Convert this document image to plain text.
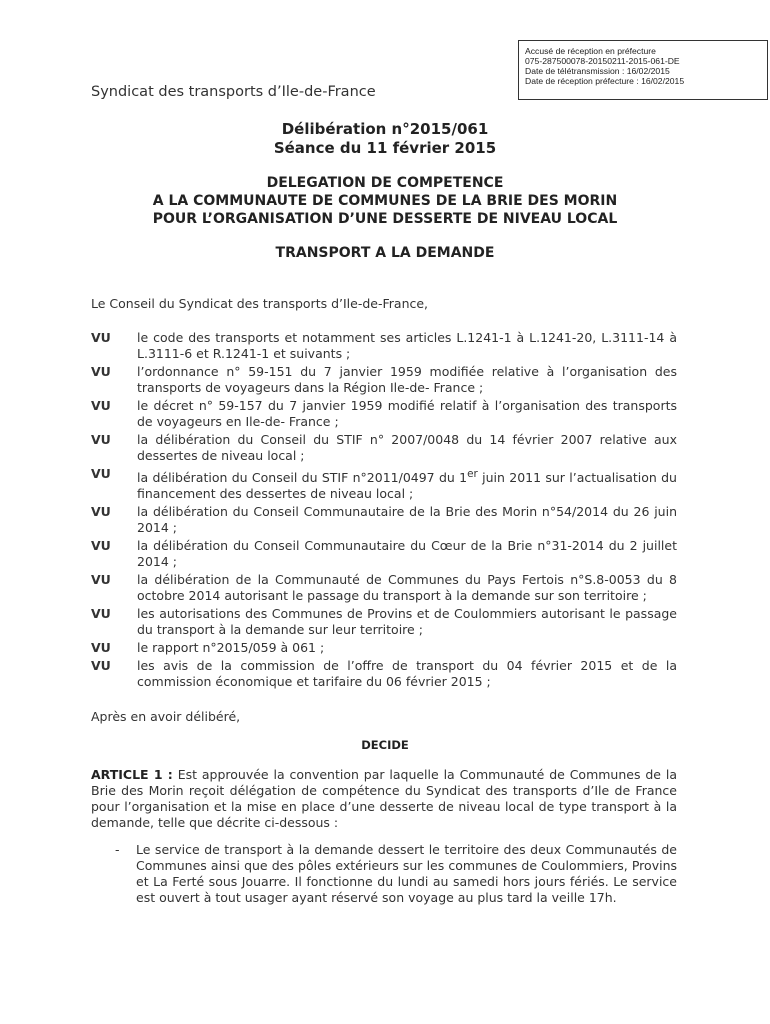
Accusé de réception en préfecture
075-287500078-20150211-2015-061-DE
Date de télétransmission : 16/02/2015
Date de réception préfecture : 16/02/2015
Syndicat des transports d’Ile-de-France
Délibération n°2015/061
Séance du 11 février 2015
DELEGATION DE COMPETENCE
A LA COMMUNAUTE DE COMMUNES DE LA BRIE DES MORIN
POUR L’ORGANISATION D’UNE DESSERTE DE NIVEAU LOCAL
TRANSPORT A LA DEMANDE
Le Conseil du Syndicat des transports d’Ile-de-France,
VU	le code des transports et notamment ses articles L.1241-1 à L.1241-20, L.3111-14 à L.3111-6 et R.1241-1 et suivants ;
VU	l’ordonnance n° 59-151 du 7 janvier 1959 modifiée relative à l’organisation des transports de voyageurs dans la Région Ile-de- France ;
VU	le décret n° 59-157 du 7 janvier 1959 modifié relatif à l’organisation des transports de voyageurs en Ile-de- France ;
VU	la délibération du Conseil du STIF n° 2007/0048 du 14 février 2007 relative aux dessertes de niveau local ;
VU	la délibération du Conseil du STIF n°2011/0497 du 1er juin 2011 sur l’actualisation du financement des dessertes de niveau local ;
VU	la délibération du Conseil Communautaire de la Brie des Morin n°54/2014 du 26 juin 2014 ;
VU	la délibération du Conseil Communautaire du Cœur de la Brie n°31-2014 du 2 juillet 2014 ;
VU	la délibération de la Communauté de Communes du Pays Fertois n°S.8-0053 du 8 octobre 2014 autorisant le passage du transport à la demande sur son territoire ;
VU	les autorisations des Communes de Provins et de Coulommiers autorisant le passage du transport à la demande sur leur territoire ;
VU	le rapport n°2015/059 à 061 ;
VU	les avis de la commission de l’offre de transport du 04 février 2015 et de la commission économique et tarifaire du 06 février 2015 ;
Après en avoir délibéré,
DECIDE
ARTICLE 1 : Est approuvée la convention par laquelle la Communauté de Communes de la Brie des Morin reçoit délégation de compétence du Syndicat des transports d’Ile de France pour l’organisation et la mise en place d’une desserte de niveau local de type transport à la demande, telle que décrite ci-dessous :
-	Le service de transport à la demande dessert le territoire des deux Communautés de Communes ainsi que des pôles extérieurs sur les communes de Coulommiers, Provins et La Ferté sous Jouarre. Il fonctionne du lundi au samedi hors jours fériés. Le service est ouvert à tout usager ayant réservé son voyage au plus tard la veille 17h.
